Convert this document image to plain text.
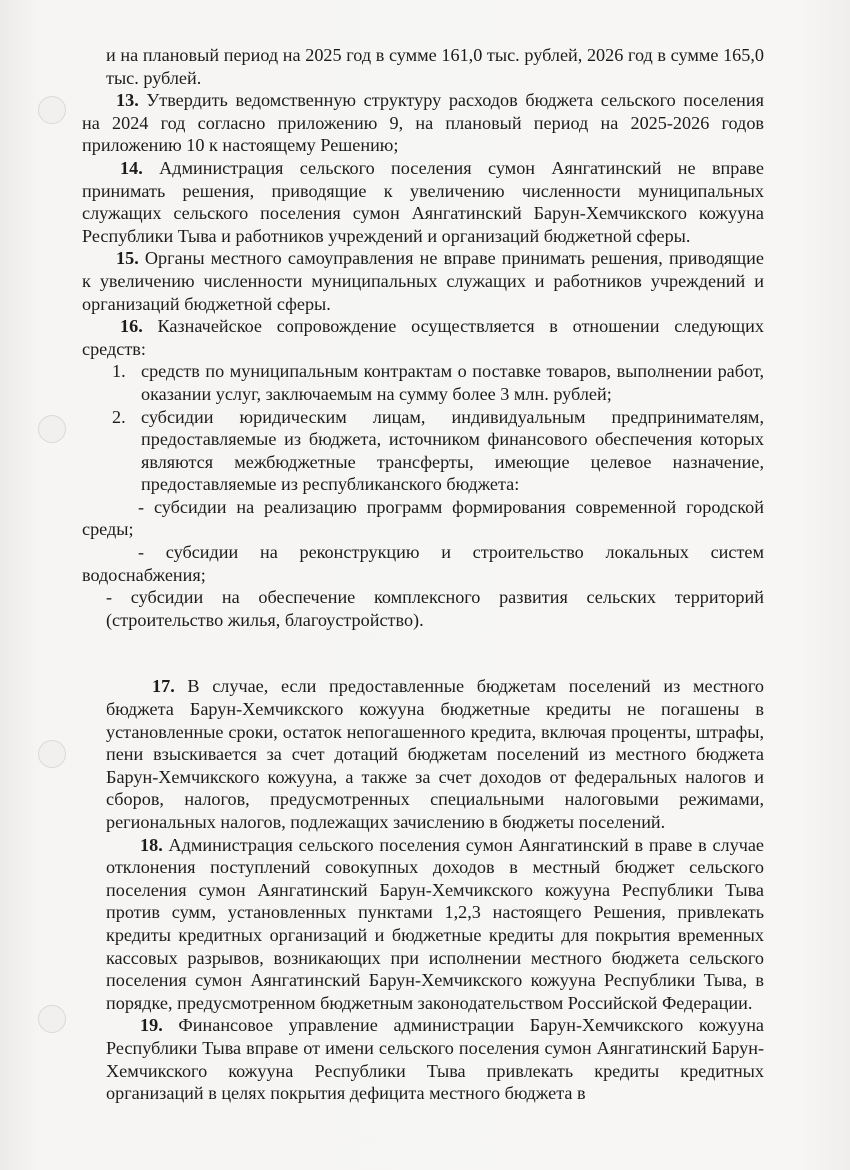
и на плановый период на 2025 год в сумме 161,0 тыс. рублей, 2026 год в сумме 165,0 тыс. рублей.

13. Утвердить ведомственную структуру расходов бюджета сельского поселения на 2024 год согласно приложению 9, на плановый период на 2025-2026 годов приложению 10 к настоящему Решению;

14. Администрация сельского поселения сумон Аянгатинский не вправе принимать решения, приводящие к увеличению численности муниципальных служащих сельского поселения сумон Аянгатинский Барун-Хемчикского кожууна Республики Тыва и работников учреждений и организаций бюджетной сферы.

15. Органы местного самоуправления не вправе принимать решения, приводящие к увеличению численности муниципальных служащих и работников учреждений и организаций бюджетной сферы.

16. Казначейское сопровождение осуществляется в отношении следующих средств:

1. средств по муниципальным контрактам о поставке товаров, выполнении работ, оказании услуг, заключаемым на сумму более 3 млн. рублей;

2. субсидии юридическим лицам, индивидуальным предпринимателям, предоставляемые из бюджета, источником финансового обеспечения которых являются межбюджетные трансферты, имеющие целевое назначение, предоставляемые из республиканского бюджета:

- субсидии на реализацию программ формирования современной городской среды;

- субсидии на реконструкцию и строительство локальных систем водоснабжения;

- субсидии на обеспечение комплексного развития сельских территорий (строительство жилья, благоустройство).

17. В случае, если предоставленные бюджетам поселений из местного бюджета Барун-Хемчикского кожууна бюджетные кредиты не погашены в установленные сроки, остаток непогашенного кредита, включая проценты, штрафы, пени взыскивается за счет дотаций бюджетам поселений из местного бюджета Барун-Хемчикского кожууна, а также за счет доходов от федеральных налогов и сборов, налогов, предусмотренных специальными налоговыми режимами, региональных налогов, подлежащих зачислению в бюджеты поселений.

18. Администрация сельского поселения сумон Аянгатинский в праве в случае отклонения поступлений совокупных доходов в местный бюджет сельского поселения сумон Аянгатинский Барун-Хемчикского кожууна Республики Тыва против сумм, установленных пунктами 1,2,3 настоящего Решения, привлекать кредиты кредитных организаций и бюджетные кредиты для покрытия временных кассовых разрывов, возникающих при исполнении местного бюджета сельского поселения сумон Аянгатинский Барун-Хемчикского кожууна Республики Тыва, в порядке, предусмотренном бюджетным законодательством Российской Федерации.

19. Финансовое управление администрации Барун-Хемчикского кожууна Республики Тыва вправе от имени сельского поселения сумон Аянгатинский Барун-Хемчикского кожууна Республики Тыва привлекать кредиты кредитных организаций в целях покрытия дефицита местного бюджета в
